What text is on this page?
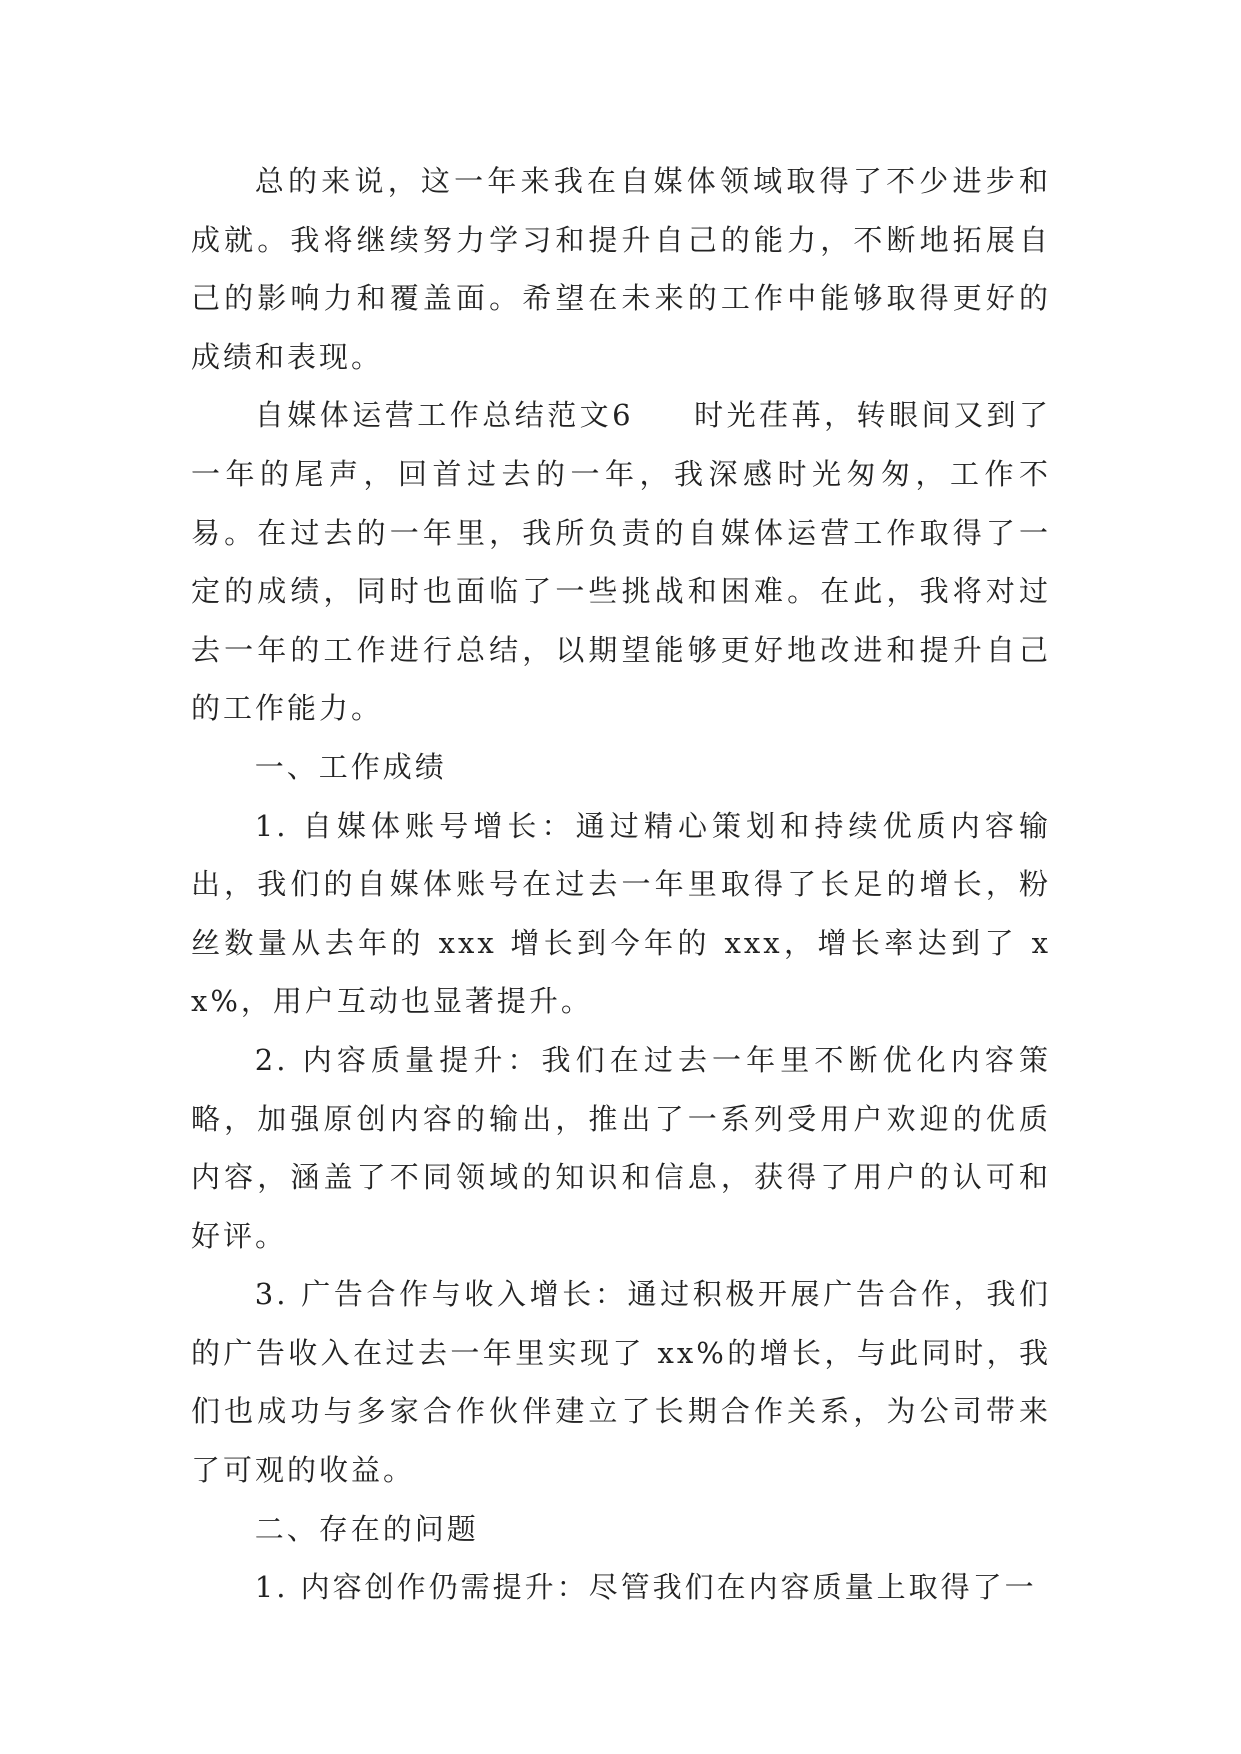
总的来说，这一年来我在自媒体领域取得了不少进步和成就。我将继续努力学习和提升自己的能力，不断地拓展自己的影响力和覆盖面。希望在未来的工作中能够取得更好的成绩和表现。

自媒体运营工作总结范文6 时光荏苒，转眼间又到了一年的尾声，回首过去的一年，我深感时光匆匆，工作不易。在过去的一年里，我所负责的自媒体运营工作取得了一定的成绩，同时也面临了一些挑战和困难。在此，我将对过去一年的工作进行总结，以期望能够更好地改进和提升自己的工作能力。

一、工作成绩

1. 自媒体账号增长：通过精心策划和持续优质内容输出，我们的自媒体账号在过去一年里取得了长足的增长，粉丝数量从去年的 xxx 增长到今年的 xxx，增长率达到了 xx%，用户互动也显著提升。

2. 内容质量提升：我们在过去一年里不断优化内容策略，加强原创内容的输出，推出了一系列受用户欢迎的优质内容，涵盖了不同领域的知识和信息，获得了用户的认可和好评。

3. 广告合作与收入增长：通过积极开展广告合作，我们的广告收入在过去一年里实现了 xx%的增长，与此同时，我们也成功与多家合作伙伴建立了长期合作关系，为公司带来了可观的收益。

二、存在的问题

1. 内容创作仍需提升：尽管我们在内容质量上取得了一
